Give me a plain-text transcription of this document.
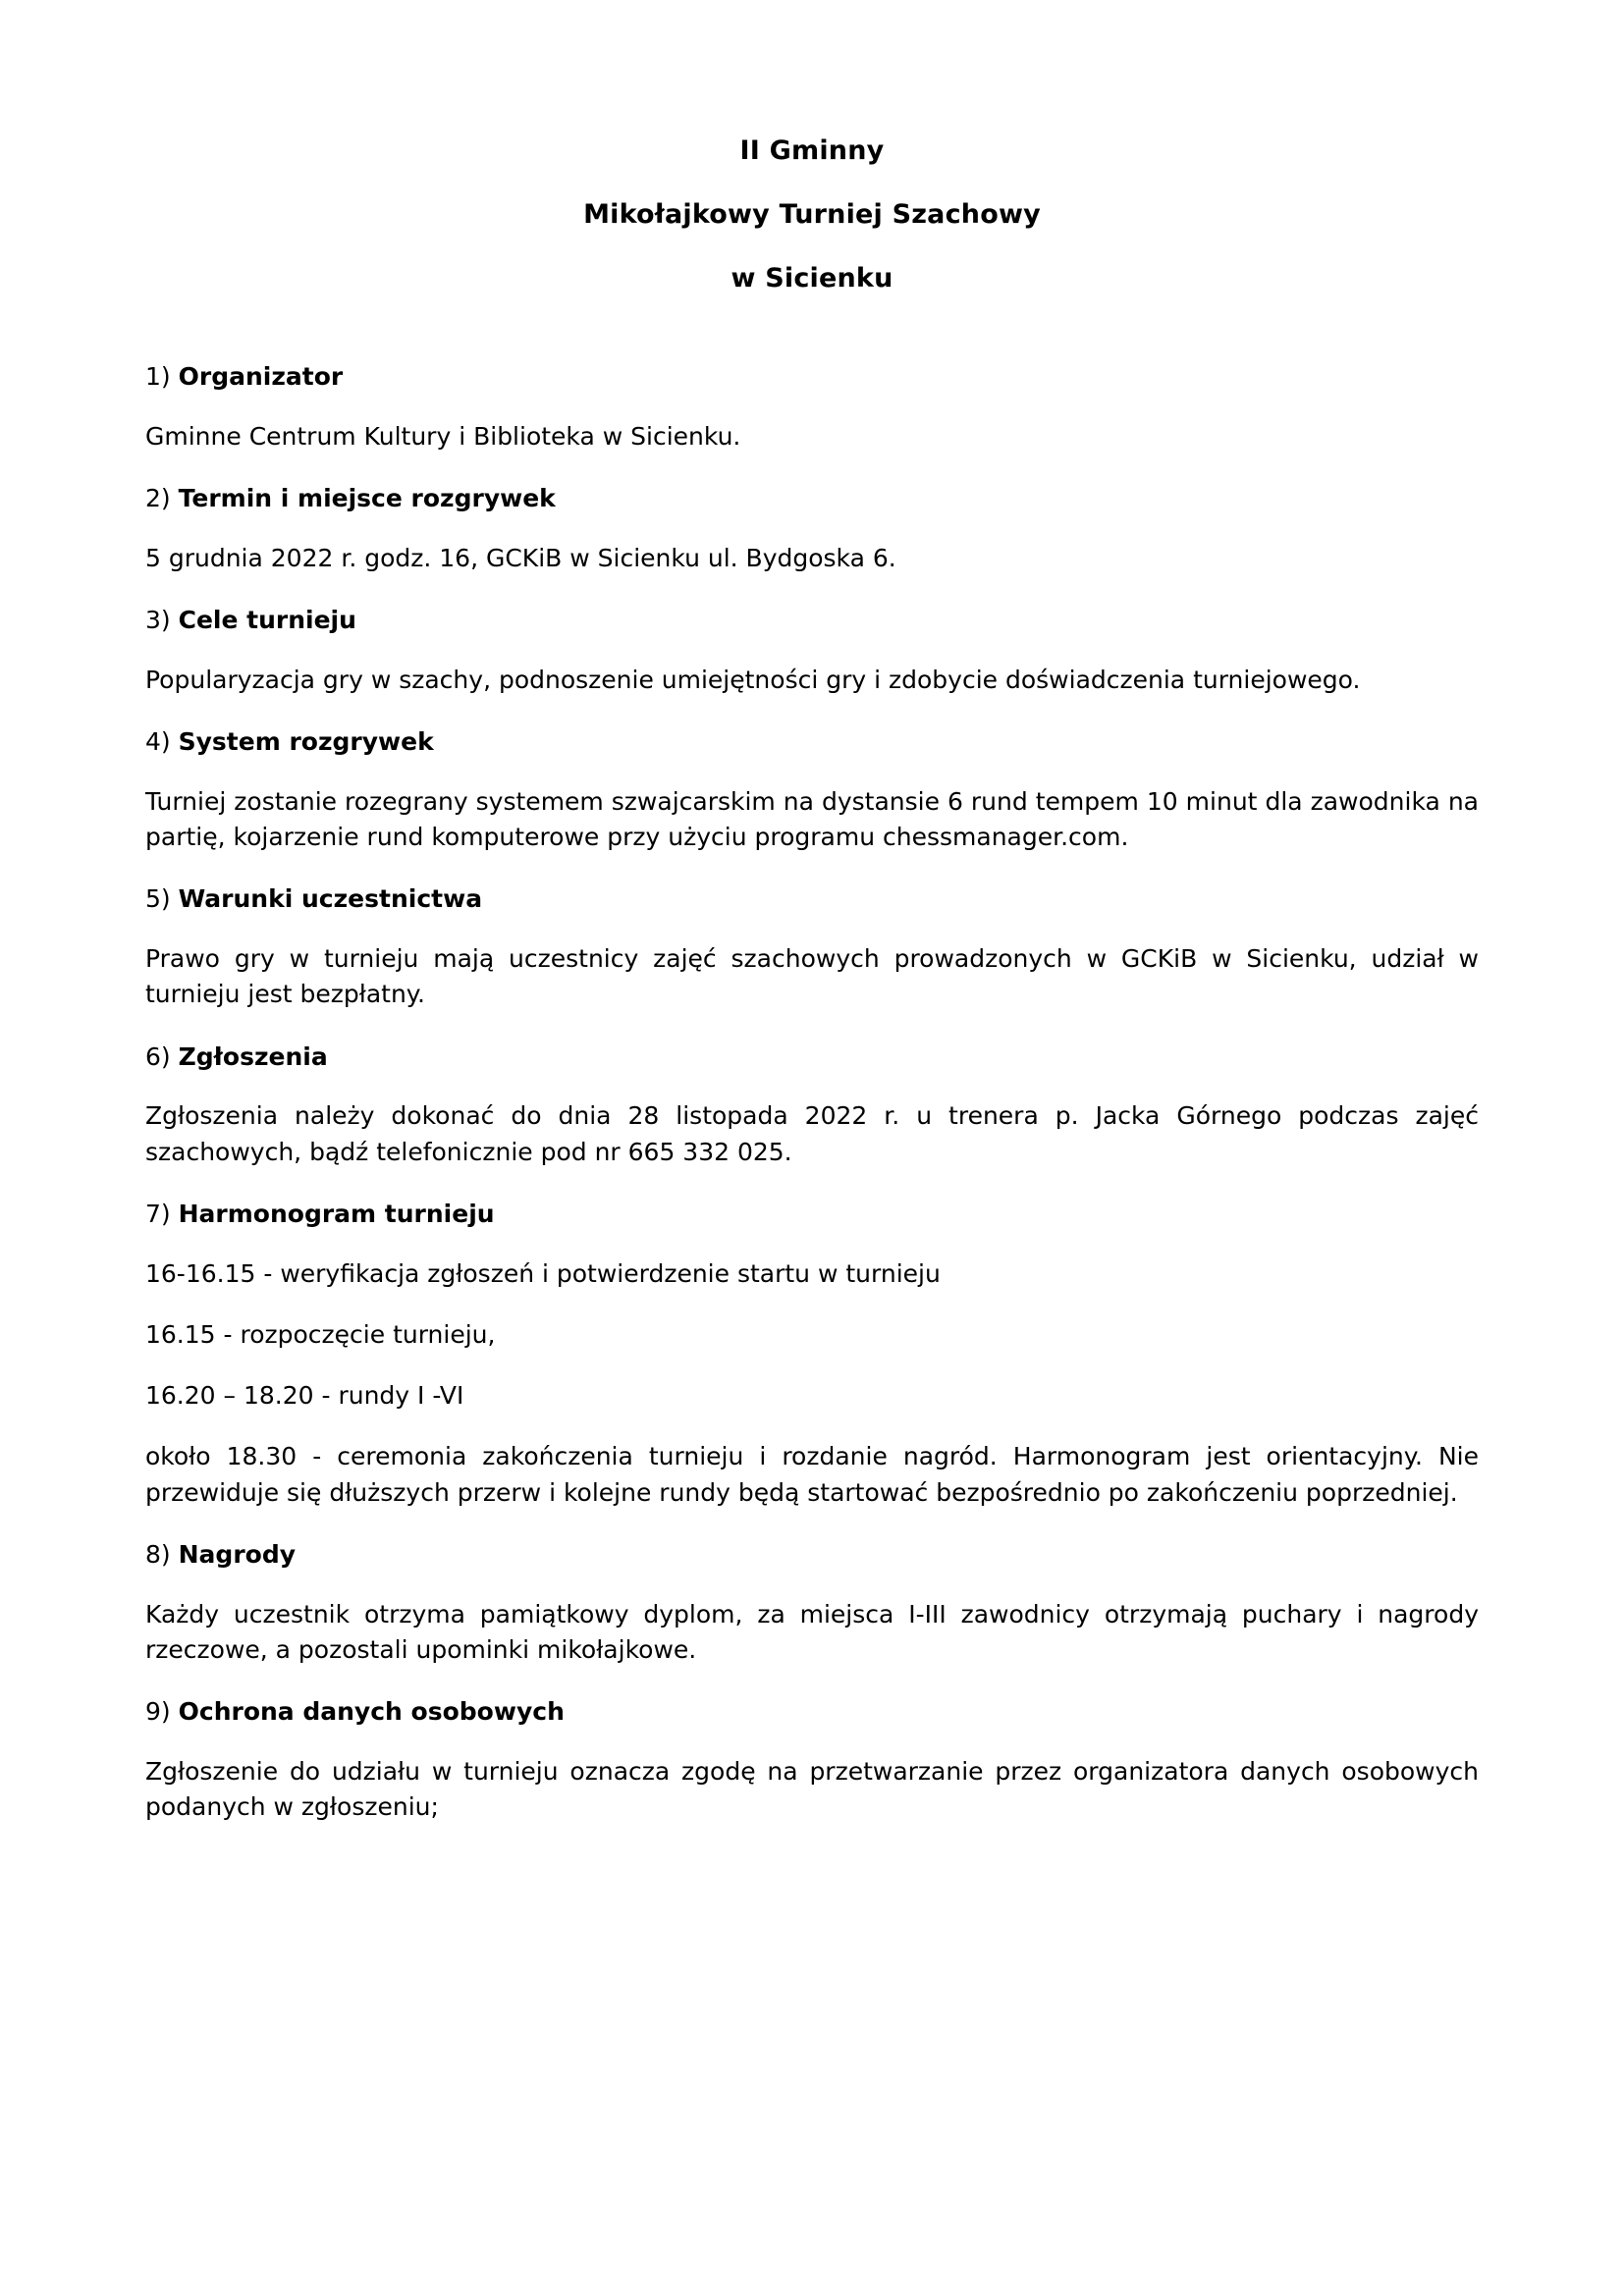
II Gminny
Mikołajkowy Turniej Szachowy
w Sicienku
1) Organizator
Gminne Centrum Kultury i Biblioteka w Sicienku.
2) Termin i miejsce rozgrywek
5 grudnia 2022 r. godz. 16, GCKiB w Sicienku ul. Bydgoska 6.
3) Cele turnieju
Popularyzacja gry w szachy, podnoszenie umiejętności gry i zdobycie doświadczenia turniejowego.
4) System rozgrywek
Turniej zostanie rozegrany systemem szwajcarskim na dystansie 6 rund tempem 10 minut dla zawodnika na partię, kojarzenie rund komputerowe przy użyciu programu chessmanager.com.
5) Warunki uczestnictwa
Prawo gry w turnieju mają uczestnicy zajęć szachowych prowadzonych w GCKiB w Sicienku, udział w turnieju jest bezpłatny.
6) Zgłoszenia
Zgłoszenia należy dokonać do dnia 28 listopada 2022 r. u trenera p. Jacka Górnego podczas zajęć szachowych, bądź telefonicznie pod nr 665 332 025.
7) Harmonogram turnieju
16-16.15 - weryfikacja zgłoszeń i potwierdzenie startu w turnieju
16.15 - rozpoczęcie turnieju,
16.20 – 18.20 - rundy I -VI
około 18.30 - ceremonia zakończenia turnieju i rozdanie nagród. Harmonogram jest orientacyjny. Nie przewiduje się dłuższych przerw i kolejne rundy będą startować bezpośrednio po zakończeniu poprzedniej.
8) Nagrody
Każdy uczestnik otrzyma pamiątkowy dyplom, za miejsca I-III zawodnicy otrzymają puchary i nagrody rzeczowe, a pozostali upominki mikołajkowe.
9) Ochrona danych osobowych
Zgłoszenie do udziału w turnieju oznacza zgodę na przetwarzanie przez organizatora danych osobowych podanych w zgłoszeniu;
